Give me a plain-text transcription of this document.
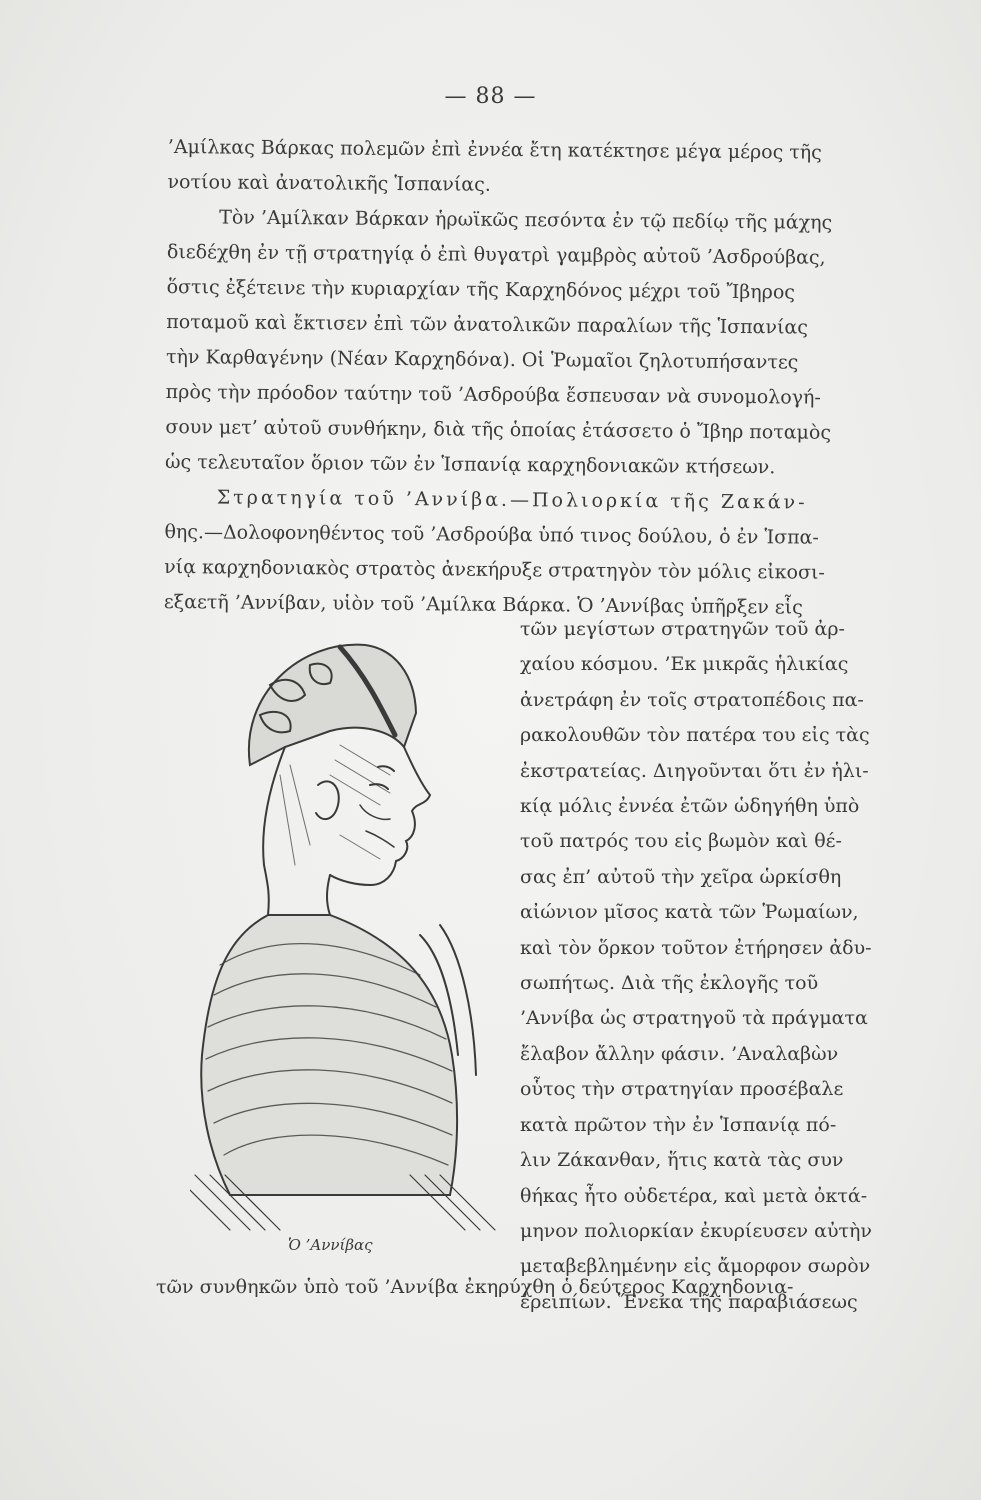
— 88 —
’Αμίλκας Βάρκας πολεμῶν ἐπὶ ἐννέα ἔτη κατέκτησε μέγα μέρος τῆς
νοτίου καὶ ἀνατολικῆς Ἱσπανίας.
Τὸν ’Αμίλκαν Βάρκαν ἡρωϊκῶς πεσόντα ἐν τῷ πεδίῳ τῆς μάχης
διεδέχθη ἐν τῇ στρατηγίᾳ ὁ ἐπὶ θυγατρὶ γαμβρὸς αὐτοῦ ’Ασδρούβας,
ὅστις ἐξέτεινε τὴν κυριαρχίαν τῆς Καρχηδόνος μέχρι τοῦ Ἴβηρος
ποταμοῦ καὶ ἔκτισεν ἐπὶ τῶν ἀνατολικῶν παραλίων τῆς Ἱσπανίας
τὴν Καρθαγένην (Νέαν Καρχηδόνα). Οἱ Ῥωμαῖοι ζηλοτυπήσαντες
πρὸς τὴν πρόοδον ταύτην τοῦ ’Ασδρούβα ἔσπευσαν νὰ συνομολογή-
σουν μετ’ αὐτοῦ συνθήκην, διὰ τῆς ὁποίας ἐτάσσετο ὁ Ἴβηρ ποταμὸς
ὡς τελευταῖον ὅριον τῶν ἐν Ἱσπανίᾳ καρχηδονιακῶν κτήσεων.
Στρατηγία τοῦ ’Αννίβα.—Πολιορκία τῆς Ζακάν-
θης.—Δολοφονηθέντος τοῦ ’Ασδρούβα ὑπό τινος δούλου, ὁ ἐν Ἱσπα-
νίᾳ καρχηδονιακὸς στρατὸς ἀνεκήρυξε στρατηγὸν τὸν μόλις εἰκοσι-
εξαετῆ ’Αννίβαν, υἱὸν τοῦ ’Αμίλκα Βάρκα. Ὁ ’Αννίβας ὑπῆρξεν εἷς
Ὁ ’Αννίβας
τῶν μεγίστων στρατηγῶν τοῦ ἀρ-
χαίου κόσμου. ’Εκ μικρᾶς ἡλικίας
ἀνετράφη ἐν τοῖς στρατοπέδοις πα-
ρακολουθῶν τὸν πατέρα του εἰς τὰς
ἐκστρατείας. Διηγοῦνται ὅτι ἐν ἡλι-
κίᾳ μόλις ἐννέα ἐτῶν ὡδηγήθη ὑπὸ
τοῦ πατρός του εἰς βωμὸν καὶ θέ-
σας ἐπ’ αὐτοῦ τὴν χεῖρα ὡρκίσθη
αἰώνιον μῖσος κατὰ τῶν Ῥωμαίων,
καὶ τὸν ὅρκον τοῦτον ἐτήρησεν ἀδυ-
σωπήτως. Διὰ τῆς ἐκλογῆς τοῦ
’Αννίβα ὡς στρατηγοῦ τὰ πράγματα
ἔλαβον ἄλλην φάσιν. ’Αναλαβὼν
οὗτος τὴν στρατηγίαν προσέβαλε
κατὰ πρῶτον τὴν ἐν Ἱσπανίᾳ πό-
λιν Ζάκανθαν, ἥτις κατὰ τὰς συν
θήκας ἦτο οὐδετέρα, καὶ μετὰ ὀκτά-
μηνον πολιορκίαν ἐκυρίευσεν αὐτὴν
μεταβεβλημένην εἰς ἄμορφον σωρὸν
ἐρειπίων. Ἕνεκα τῆς παραβιάσεως
τῶν συνθηκῶν ὑπὸ τοῦ ’Αννίβα ἐκηρύχθη ὁ δεύτερος Καρχηδονια-
